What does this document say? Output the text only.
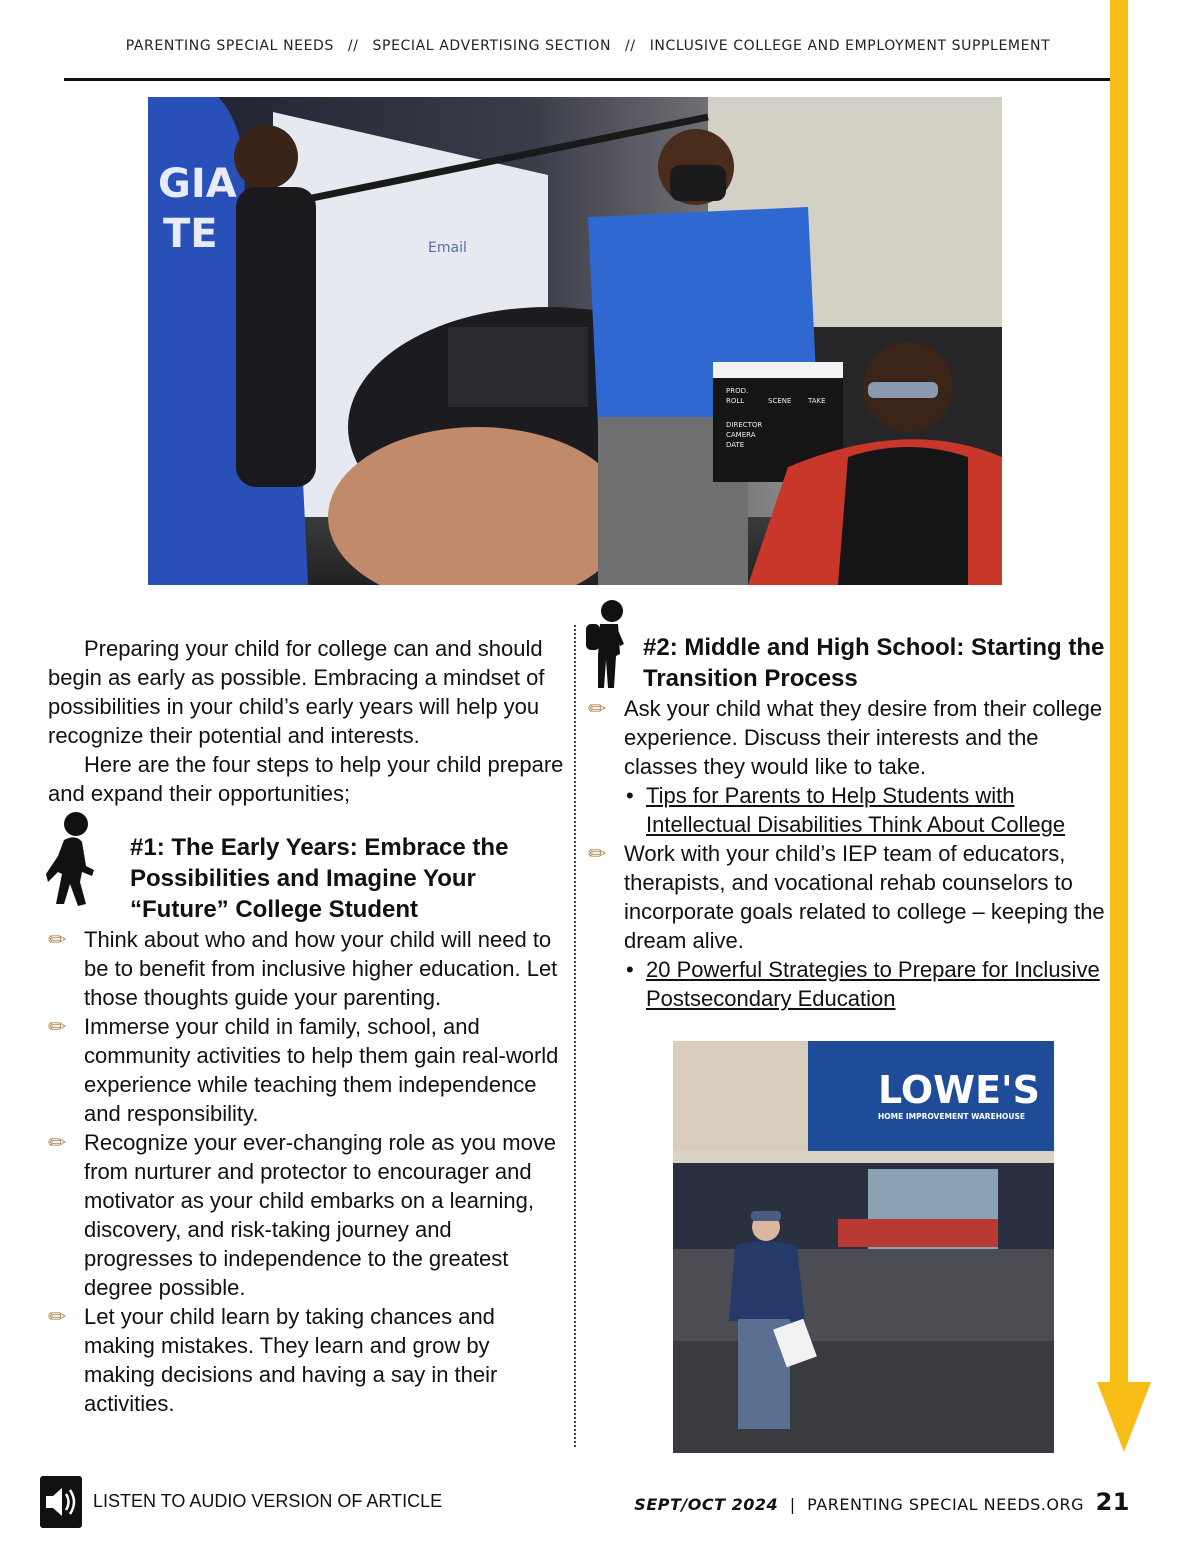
PARENTING SPECIAL NEEDS // SPECIAL ADVERTISING SECTION // INCLUSIVE COLLEGE AND EMPLOYMENT SUPPLEMENT
Email
GIA
TE
PROD.
ROLL	SCENE TAKE
DIRECTOR
CAMERA
DATE

Preparing your child for college can and should begin as early as possible. Embracing a mindset of possibilities in your child’s early years will help you recognize their potential and interests.

Here are the four steps to help your child prepare and expand their opportunities;

#1: The Early Years: Embrace the Possibilities and Imagine Your “Future” College Student
✏ Think about who and how your child will need to be to benefit from inclusive higher education. Let those thoughts guide your parenting.
✏ Immerse your child in family, school, and community activities to help them gain real-world experience while teaching them independence and responsibility.
✏ Recognize your ever-changing role as you move from nurturer and protector to encourager and motivator as your child embarks on a learning, discovery, and risk-taking journey and progresses to independence to the greatest degree possible.
✏ Let your child learn by taking chances and making mistakes. They learn and grow by making decisions and having a say in their activities.
#2: Middle and High School: Starting the Transition Process
✏ Ask your child what they desire from their college experience. Discuss their interests and the classes they would like to take.
• Tips for Parents to Help Students with Intellectual Disabilities Think About College
✏ Work with your child’s IEP team of educators, therapists, and vocational rehab counselors to incorporate goals related to college – keeping the dream alive.
• 20 Powerful Strategies to Prepare for Inclusive Postsecondary Education
LOWE'S
HOME IMPROVEMENT WAREHOUSE
LISTEN TO AUDIO VERSION OF ARTICLE	SEPT/OCT 2024 | PARENTING SPECIAL NEEDS.ORG 21
